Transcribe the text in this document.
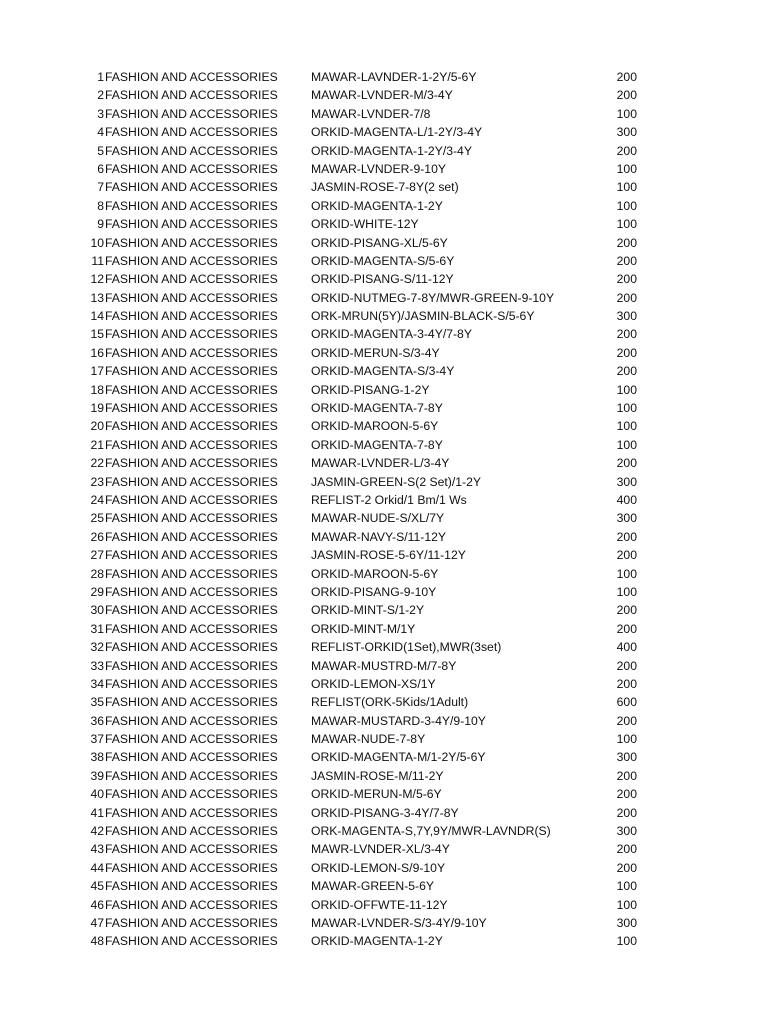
1 FASHION AND ACCESSORIES	MAWAR-LAVNDER-1-2Y/5-6Y	200
2 FASHION AND ACCESSORIES	MAWAR-LVNDER-M/3-4Y	200
3 FASHION AND ACCESSORIES	MAWAR-LVNDER-7/8	100
4 FASHION AND ACCESSORIES	ORKID-MAGENTA-L/1-2Y/3-4Y	300
5 FASHION AND ACCESSORIES	ORKID-MAGENTA-1-2Y/3-4Y	200
6 FASHION AND ACCESSORIES	MAWAR-LVNDER-9-10Y	100
7 FASHION AND ACCESSORIES	JASMIN-ROSE-7-8Y(2 set)	100
8 FASHION AND ACCESSORIES	ORKID-MAGENTA-1-2Y	100
9 FASHION AND ACCESSORIES	ORKID-WHITE-12Y	100
10 FASHION AND ACCESSORIES	ORKID-PISANG-XL/5-6Y	200
11 FASHION AND ACCESSORIES	ORKID-MAGENTA-S/5-6Y	200
12 FASHION AND ACCESSORIES	ORKID-PISANG-S/11-12Y	200
13 FASHION AND ACCESSORIES	ORKID-NUTMEG-7-8Y/MWR-GREEN-9-10Y	200
14 FASHION AND ACCESSORIES	ORK-MRUN(5Y)/JASMIN-BLACK-S/5-6Y	300
15 FASHION AND ACCESSORIES	ORKID-MAGENTA-3-4Y/7-8Y	200
16 FASHION AND ACCESSORIES	ORKID-MERUN-S/3-4Y	200
17 FASHION AND ACCESSORIES	ORKID-MAGENTA-S/3-4Y	200
18 FASHION AND ACCESSORIES	ORKID-PISANG-1-2Y	100
19 FASHION AND ACCESSORIES	ORKID-MAGENTA-7-8Y	100
20 FASHION AND ACCESSORIES	ORKID-MAROON-5-6Y	100
21 FASHION AND ACCESSORIES	ORKID-MAGENTA-7-8Y	100
22 FASHION AND ACCESSORIES	MAWAR-LVNDER-L/3-4Y	200
23 FASHION AND ACCESSORIES	JASMIN-GREEN-S(2 Set)/1-2Y	300
24 FASHION AND ACCESSORIES	REFLIST-2 Orkid/1 Bm/1 Ws	400
25 FASHION AND ACCESSORIES	MAWAR-NUDE-S/XL/7Y	300
26 FASHION AND ACCESSORIES	MAWAR-NAVY-S/11-12Y	200
27 FASHION AND ACCESSORIES	JASMIN-ROSE-5-6Y/11-12Y	200
28 FASHION AND ACCESSORIES	ORKID-MAROON-5-6Y	100
29 FASHION AND ACCESSORIES	ORKID-PISANG-9-10Y	100
30 FASHION AND ACCESSORIES	ORKID-MINT-S/1-2Y	200
31 FASHION AND ACCESSORIES	ORKID-MINT-M/1Y	200
32 FASHION AND ACCESSORIES	REFLIST-ORKID(1Set),MWR(3set)	400
33 FASHION AND ACCESSORIES	MAWAR-MUSTRD-M/7-8Y	200
34 FASHION AND ACCESSORIES	ORKID-LEMON-XS/1Y	200
35 FASHION AND ACCESSORIES	REFLIST(ORK-5Kids/1Adult)	600
36 FASHION AND ACCESSORIES	MAWAR-MUSTARD-3-4Y/9-10Y	200
37 FASHION AND ACCESSORIES	MAWAR-NUDE-7-8Y	100
38 FASHION AND ACCESSORIES	ORKID-MAGENTA-M/1-2Y/5-6Y	300
39 FASHION AND ACCESSORIES	JASMIN-ROSE-M/11-2Y	200
40 FASHION AND ACCESSORIES	ORKID-MERUN-M/5-6Y	200
41 FASHION AND ACCESSORIES	ORKID-PISANG-3-4Y/7-8Y	200
42 FASHION AND ACCESSORIES	ORK-MAGENTA-S,7Y,9Y/MWR-LAVNDR(S)	300
43 FASHION AND ACCESSORIES	MAWR-LVNDER-XL/3-4Y	200
44 FASHION AND ACCESSORIES	ORKID-LEMON-S/9-10Y	200
45 FASHION AND ACCESSORIES	MAWAR-GREEN-5-6Y	100
46 FASHION AND ACCESSORIES	ORKID-OFFWTE-11-12Y	100
47 FASHION AND ACCESSORIES	MAWAR-LVNDER-S/3-4Y/9-10Y	300
48 FASHION AND ACCESSORIES	ORKID-MAGENTA-1-2Y	100
